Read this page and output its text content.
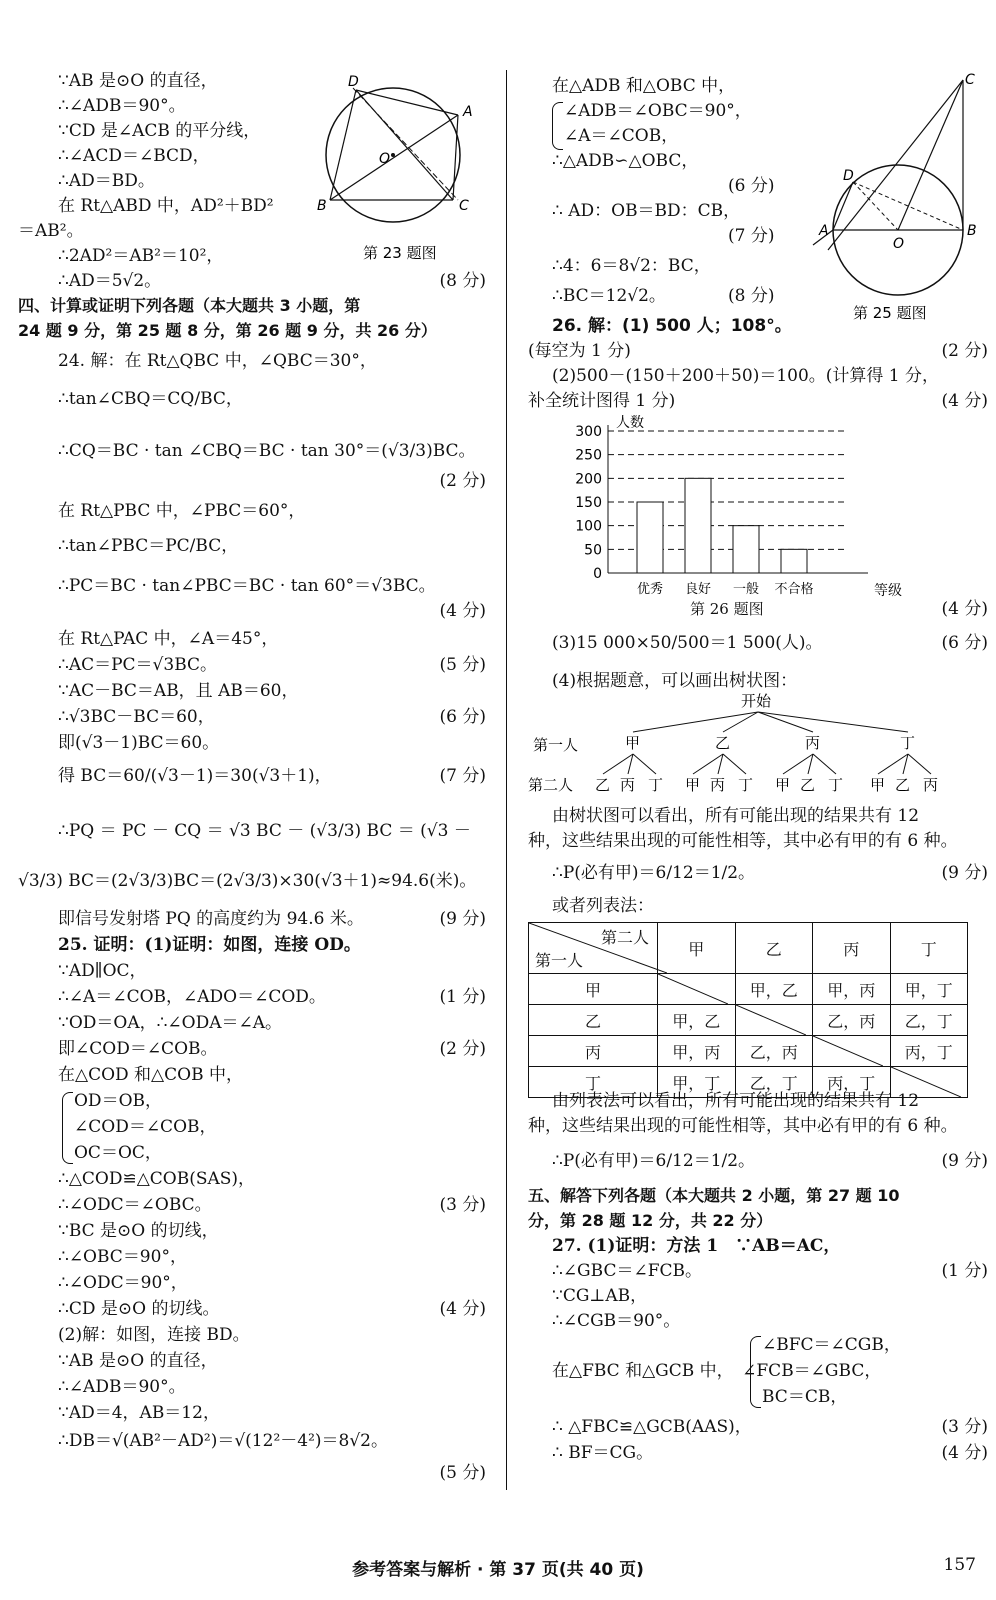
∵AB 是⊙O 的直径，
∴∠ADB＝90°。
∵CD 是∠ACB 的平分线，
∴∠ACD＝∠BCD，
∴AD＝BD。
在 Rt△ABD 中，AD²＋BD²
＝AB²。
∴2AD²＝AB²＝10²，
∴AD＝5√2。	(8 分)
四、计算或证明下列各题（本大题共 3 小题，第
24 题 9 分，第 25 题 8 分，第 26 题 9 分，共 26 分）
24. 解：在 Rt△QBC 中，∠QBC＝30°，
∴tan∠CBQ＝CQ/BC，
∴CQ＝BC · tan ∠CBQ＝BC · tan 30°＝(√3/3)BC。
(2 分)
在 Rt△PBC 中，∠PBC＝60°，
∴tan∠PBC＝PC/BC，
∴PC＝BC · tan∠PBC＝BC · tan 60°＝√3BC。
(4 分)
在 Rt△PAC 中，∠A＝45°，
∴AC＝PC＝√3BC。	(5 分)
∵AC－BC＝AB，且 AB＝60，
∴√3BC－BC＝60，	(6 分)
即(√3－1)BC＝60。
得 BC＝60/(√3－1)＝30(√3＋1)，	(7 分)
∴PQ ＝ PC － CQ ＝ √3 BC － (√3/3) BC ＝ (√3 －
√3/3) BC＝(2√3/3)BC＝(2√3/3)×30(√3＋1)≈94.6(米)。
即信号发射塔 PQ 的高度约为 94.6 米。	(9 分)
25. 证明：(1)证明：如图，连接 OD。
∵AD∥OC，
∴∠A＝∠COB，∠ADO＝∠COD。	(1 分)
∵OD＝OA，∴∠ODA＝∠A。
即∠COD＝∠COB。	(2 分)
在△COD 和△COB 中，
OD＝OB，
∠COD＝∠COB，
OC＝OC，
∴△COD≌△COB(SAS)，
∴∠ODC＝∠OBC。	(3 分)
∵BC 是⊙O 的切线，
∴∠OBC＝90°，
∴∠ODC＝90°，
∴CD 是⊙O 的切线。	(4 分)
(2)解：如图，连接 BD。
∵AB 是⊙O 的直径，
∴∠ADB＝90°。
∵AD＝4，AB＝12，
∴DB＝√(AB²－AD²)＝√(12²－4²)＝8√2。
(5 分)
D
A
O
B	C
第 23 题图
在△ADB 和△OBC 中，
∠ADB＝∠OBC＝90°，
∠A＝∠COB，
∴△ADB∽△OBC，
(6 分)
∴ AD：OB＝BD：CB，
(7 分)
∴4：6＝8√2：BC，
∴BC＝12√2。	(8 分)
C
D
A
O
B
第 25 题图
26. 解：(1) 500 人；108°。
(每空为 1 分)	(2 分)
(2)500－(150＋200＋50)＝100。(计算得 1 分，
补全统计图得 1 分)	(4 分)
0
50
100
150
200
250
300
优秀 良好 一般 不合格
人数
等级
第 26 题图	(4 分)
(3)15 000×50/500＝1 500(人)。	(6 分)
(4)根据题意，可以画出树状图：
开始
第一人	甲	乙	丙	丁
第二人 乙 丙 丁 甲 丙 丁 甲 乙 丁 甲 乙 丙
由树状图可以看出，所有可能出现的结果共有 12
种，这些结果出现的可能性相等，其中必有甲的有 6 种。
∴P(必有甲)＝6/12＝1/2。	(9 分)
或者列表法：
第二人
第一人	甲	乙	丙	丁
甲		甲，乙	甲，丙	甲，丁
乙	甲，乙		乙，丙	乙，丁
丙	甲，丙	乙，丙		丙，丁
丁	甲，丁	乙，丁	丙，丁	
由列表法可以看出，所有可能出现的结果共有 12
种，这些结果出现的可能性相等，其中必有甲的有 6 种。
∴P(必有甲)＝6/12＝1/2。	(9 分)
五、解答下列各题（本大题共 2 小题，第 27 题 10
分，第 28 题 12 分，共 22 分）
27. (1)证明：方法 1　∵AB＝AC，
∴∠GBC＝∠FCB。	(1 分)
∵CG⊥AB，
∴∠CGB＝90°。
∠BFC＝∠CGB，
在△FBC 和△GCB 中，　∠FCB＝∠GBC，
BC＝CB，
∴ △FBC≌△GCB(AAS)，	(3 分)
∴ BF＝CG。	(4 分)
参考答案与解析 · 第 37 页(共 40 页)	157
